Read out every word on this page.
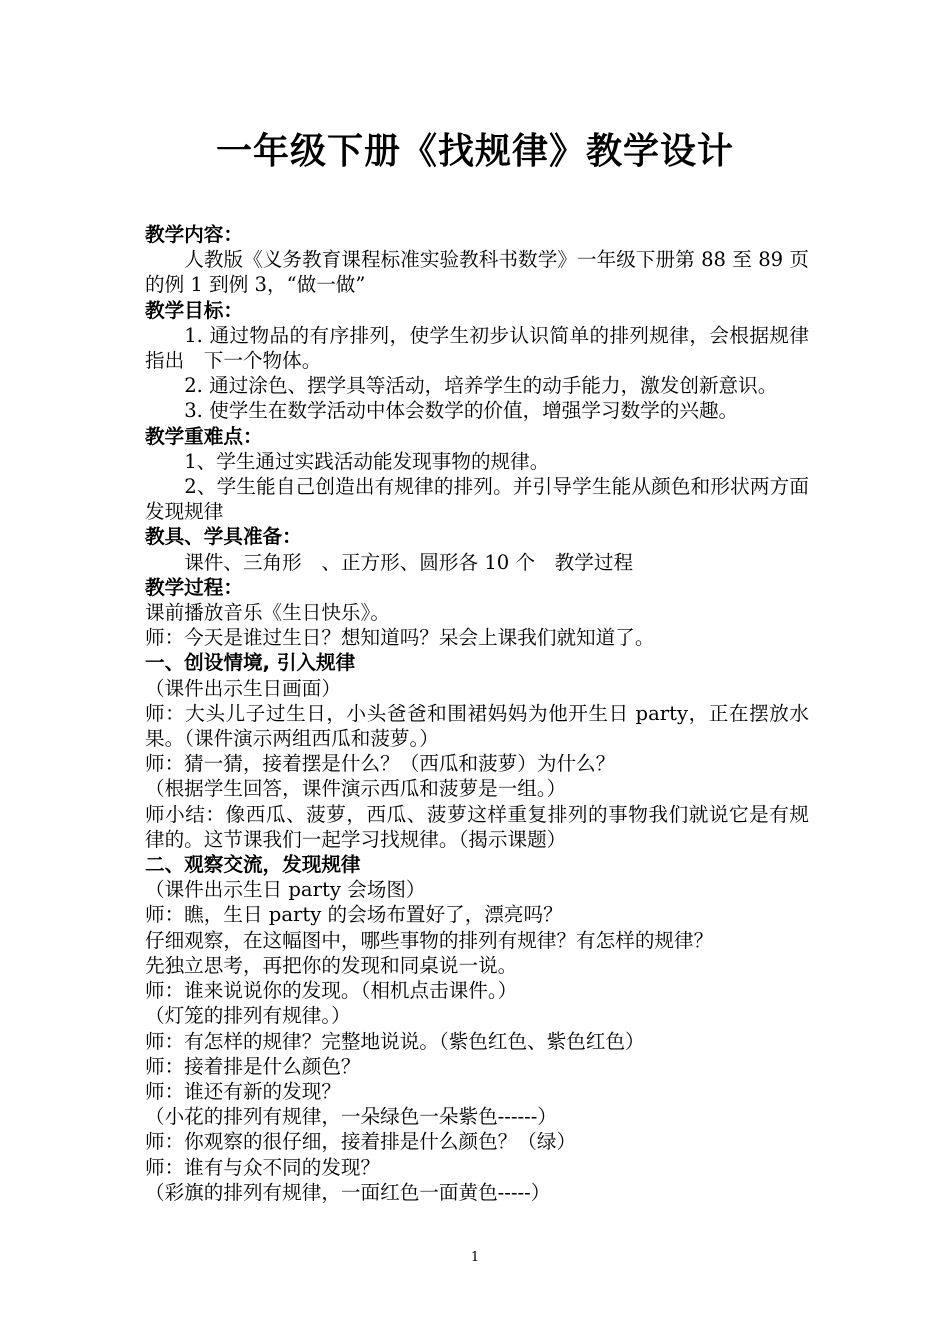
一年级下册《找规律》教学设计

教学内容：

人教版《义务教育课程标准实验教科书数学》一年级下册第 88 至 89 页的例 1 到例 3，“做一做”

教学目标：

1. 通过物品的有序排列，使学生初步认识简单的排列规律，会根据规律指出　下一个物体。

2. 通过涂色、摆学具等活动，培养学生的动手能力，激发创新意识。

3. 使学生在数学活动中体会数学的价值，增强学习数学的兴趣。

教学重难点：

1、学生通过实践活动能发现事物的规律。

2、学生能自己创造出有规律的排列。并引导学生能从颜色和形状两方面发现规律

教具、学具准备：

课件、三角形　、正方形、圆形各 10 个　教学过程

教学过程：

课前播放音乐《生日快乐》。

师：今天是谁过生日？想知道吗？呆会上课我们就知道了。

一、创设情境, 引入规律

（课件出示生日画面）

师：大头儿子过生日，小头爸爸和围裙妈妈为他开生日 party，正在摆放水果。（课件演示两组西瓜和菠萝。）

师：猜一猜，接着摆是什么？（西瓜和菠萝）为什么？

（根据学生回答，课件演示西瓜和菠萝是一组。）

师小结：像西瓜、菠萝，西瓜、菠萝这样重复排列的事物我们就说它是有规律的。这节课我们一起学习找规律。（揭示课题）

二、观察交流，发现规律

（课件出示生日 party 会场图）

师：瞧，生日 party 的会场布置好了，漂亮吗？

仔细观察，在这幅图中，哪些事物的排列有规律？有怎样的规律？

先独立思考，再把你的发现和同桌说一说。

师：谁来说说你的发现。（相机点击课件。）

（灯笼的排列有规律。）

师：有怎样的规律？完整地说说。（紫色红色、紫色红色）

师：接着排是什么颜色？

师：谁还有新的发现？

（小花的排列有规律，一朵绿色一朵紫色------）

师：你观察的很仔细，接着排是什么颜色？（绿）

师：谁有与众不同的发现？

（彩旗的排列有规律，一面红色一面黄色-----）

1
